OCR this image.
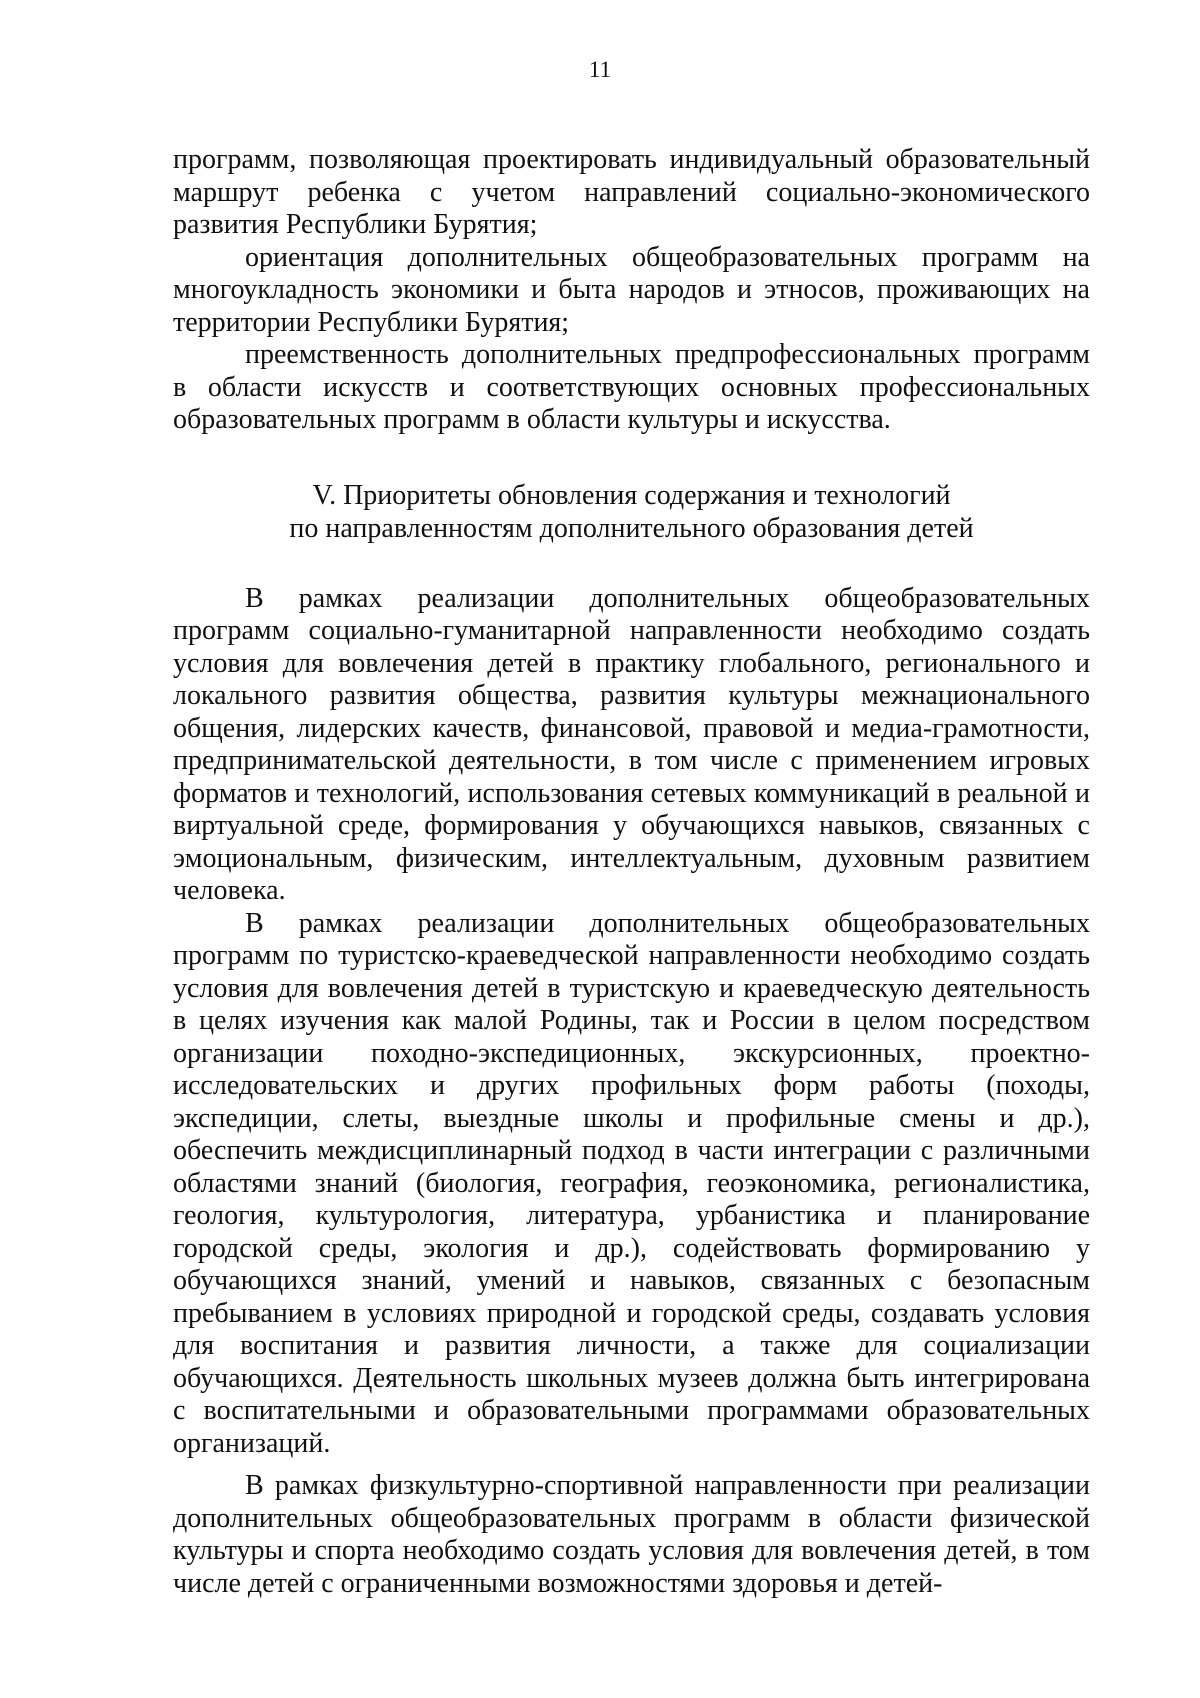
11

программ, позволяющая проектировать индивидуальный образовательный маршрут ребенка с учетом направлений социально-экономического развития Республики Бурятия;

ориентация дополнительных общеобразовательных программ на многоукладность экономики и быта народов и этносов, проживающих на территории Республики Бурятия;

преемственность дополнительных предпрофессиональных программ в области искусств и соответствующих основных профессиональных образовательных программ в области культуры и искусства.

V. Приоритеты обновления содержания и технологий
по направленностям дополнительного образования детей

В рамках реализации дополнительных общеобразовательных программ социально-гуманитарной направленности необходимо создать условия для вовлечения детей в практику глобального, регионального и локального развития общества, развития культуры межнационального общения, лидерских качеств, финансовой, правовой и медиа-грамотности, предпринимательской деятельности, в том числе с применением игровых форматов и технологий, использования сетевых коммуникаций в реальной и виртуальной среде, формирования у обучающихся навыков, связанных с эмоциональным, физическим, интеллектуальным, духовным развитием человека.

В рамках реализации дополнительных общеобразовательных программ по туристско-краеведческой направленности необходимо создать условия для вовлечения детей в туристскую и краеведческую деятельность в целях изучения как малой Родины, так и России в целом посредством организации походно-экспедиционных, экскурсионных, проектно-исследовательских и других профильных форм работы (походы, экспедиции, слеты, выездные школы и профильные смены и др.), обеспечить междисциплинарный подход в части интеграции с различными областями знаний (биология, география, геоэкономика, регионалистика, геология, культурология, литература, урбанистика и планирование городской среды, экология и др.), содействовать формированию у обучающихся знаний, умений и навыков, связанных с безопасным пребыванием в условиях природной и городской среды, создавать условия для воспитания и развития личности, а также для социализации обучающихся. Деятельность школьных музеев должна быть интегрирована с воспитательными и образовательными программами образовательных организаций.

В рамках физкультурно-спортивной направленности при реализации дополнительных общеобразовательных программ в области физической культуры и спорта необходимо создать условия для вовлечения детей, в том числе детей с ограниченными возможностями здоровья и детей-
